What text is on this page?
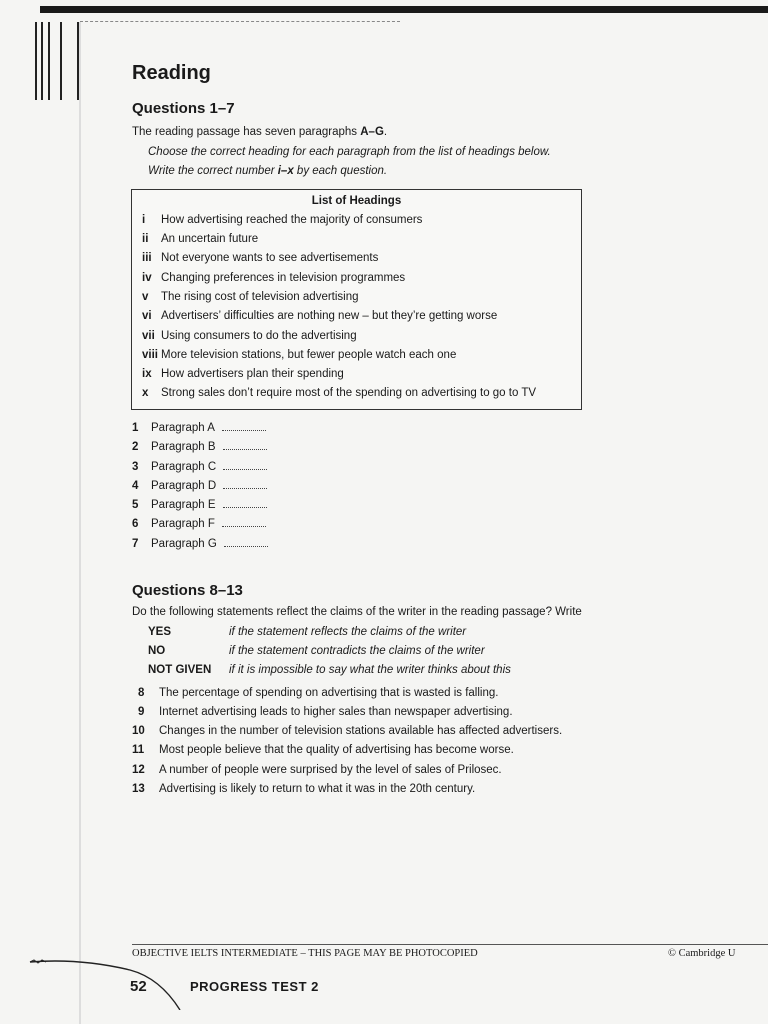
Reading
Questions 1–7
The reading passage has seven paragraphs A–G.
Choose the correct heading for each paragraph from the list of headings below.
Write the correct number i–x by each question.
List of Headings
i How advertising reached the majority of consumers
ii An uncertain future
iii Not everyone wants to see advertisements
iv Changing preferences in television programmes
v The rising cost of television advertising
vi Advertisers’ difficulties are nothing new – but they’re getting worse
vii Using consumers to do the advertising
viii More television stations, but fewer people watch each one
ix How advertisers plan their spending
x Strong sales don’t require most of the spending on advertising to go to TV
1 Paragraph A
2 Paragraph B
3 Paragraph C
4 Paragraph D
5 Paragraph E
6 Paragraph F
7 Paragraph G
Questions 8–13
Do the following statements reflect the claims of the writer in the reading passage? Write
YES	if the statement reflects the claims of the writer
NO	if the statement contradicts the claims of the writer
NOT GIVEN if it is impossible to say what the writer thinks about this
8 The percentage of spending on advertising that is wasted is falling.
9 Internet advertising leads to higher sales than newspaper advertising.
10 Changes in the number of television stations available has affected advertisers.
11 Most people believe that the quality of advertising has become worse.
12 A number of people were surprised by the level of sales of Prilosec.
13 Advertising is likely to return to what it was in the 20th century.
OBJECTIVE IELTS INTERMEDIATE – THIS PAGE MAY BE PHOTOCOPIED	© Cambridge U
52	PROGRESS TEST 2
